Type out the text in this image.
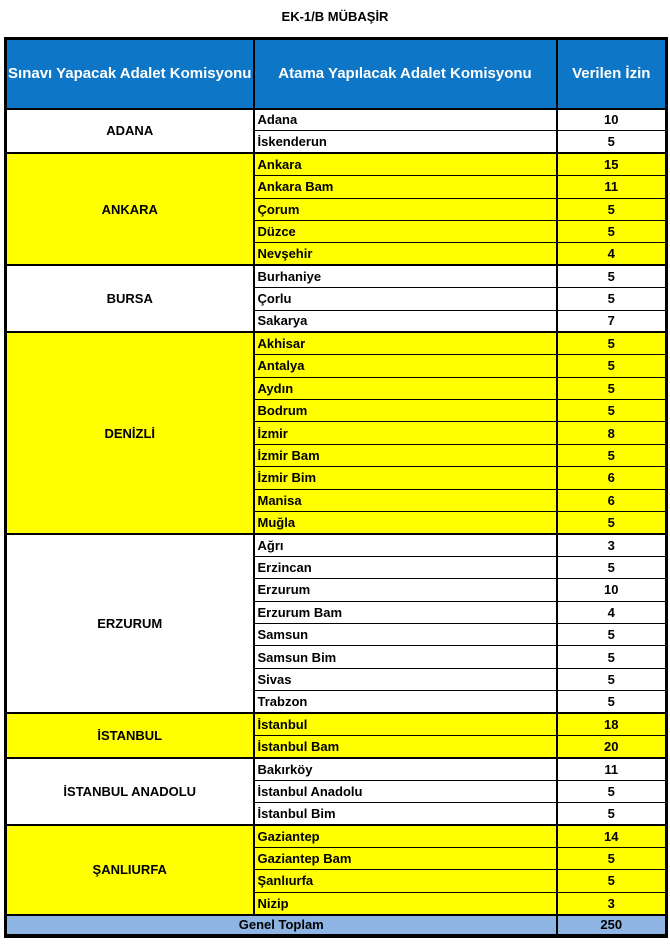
EK-1/B MÜBAŞİR
Sınavı Yapacak Adalet Komisyonu	Atama Yapılacak Adalet Komisyonu	Verilen İzin
ADANA	Adana	10
	İskenderun	5
ANKARA	Ankara	15
	Ankara Bam	11
	Çorum	5
	Düzce	5
	Nevşehir	4
BURSA	Burhaniye	5
	Çorlu	5
	Sakarya	7
DENİZLİ	Akhisar	5
	Antalya	5
	Aydın	5
	Bodrum	5
	İzmir	8
	İzmir Bam	5
	İzmir Bim	6
	Manisa	6
	Muğla	5
ERZURUM	Ağrı	3
	Erzincan	5
	Erzurum	10
	Erzurum Bam	4
	Samsun	5
	Samsun Bim	5
	Sivas	5
	Trabzon	5
İSTANBUL	İstanbul	18
	İstanbul Bam	20
İSTANBUL ANADOLU	Bakırköy	11
	İstanbul Anadolu	5
	İstanbul Bim	5
ŞANLIURFA	Gaziantep	14
	Gaziantep Bam	5
	Şanlıurfa	5
	Nizip	3
Genel Toplam		250
